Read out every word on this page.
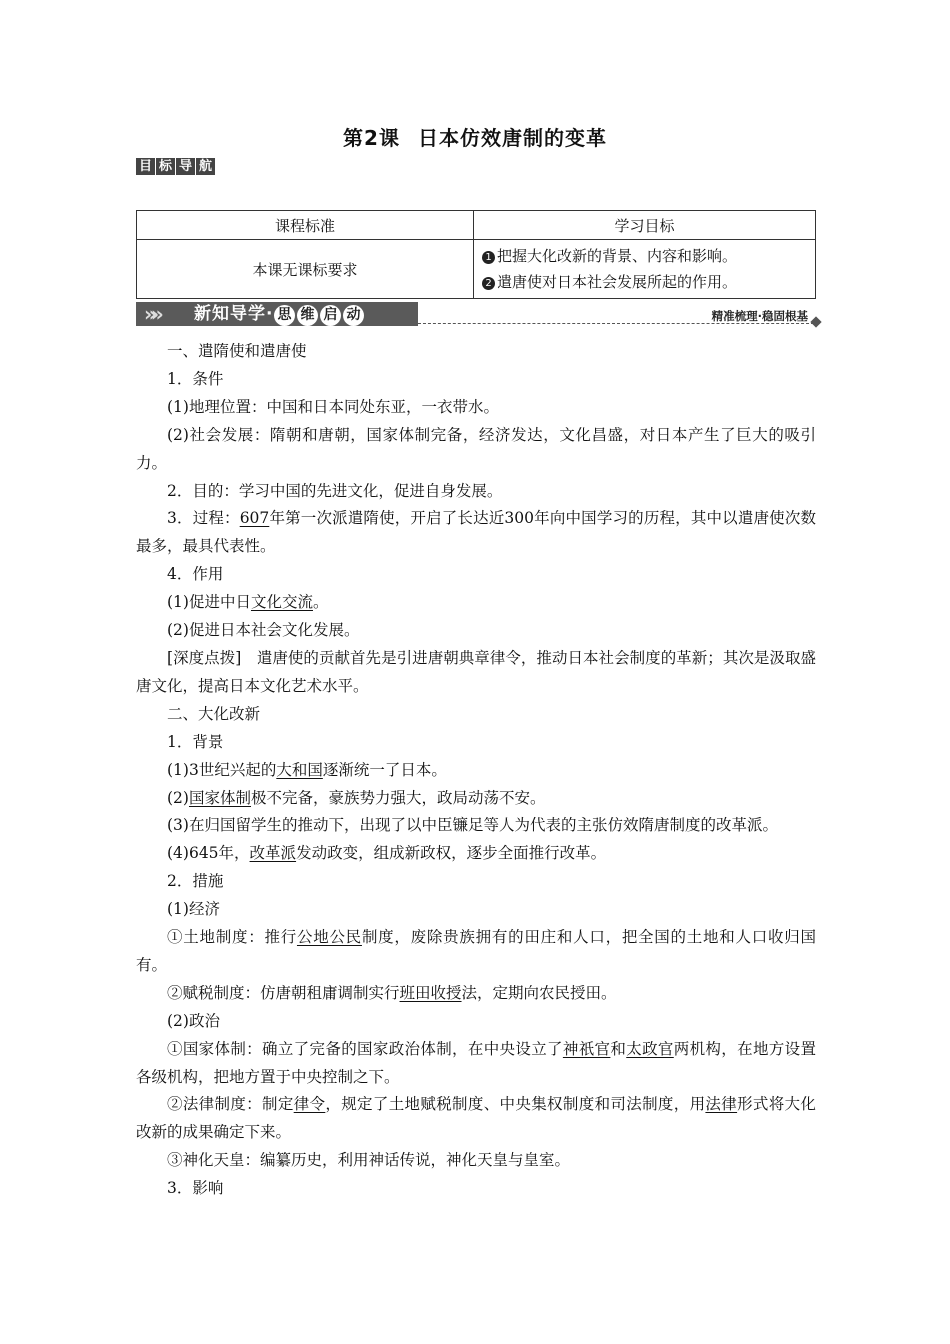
第2课 日本仿效唐制的变革
目 标 导 航
课程标准	学习目标
本课无课标要求	1 把握大化改新的背景、内容和影响。
2 遣唐使对日本社会发展所起的作用。
»» 新知导学· 思 维 启 动	精准梳理·稳固根基

一、遣隋使和遣唐使

1．条件

(1)地理位置：中国和日本同处东亚，一衣带水。

(2)社会发展：隋朝和唐朝，国家体制完备，经济发达，文化昌盛，对日本产生了巨大的吸引力。

2．目的：学习中国的先进文化，促进自身发展。

3．过程：607年第一次派遣隋使，开启了长达近300年向中国学习的历程，其中以遣唐使次数最多，最具代表性。

4．作用

(1)促进中日文化交流。

(2)促进日本社会文化发展。

[深度点拨]　遣唐使的贡献首先是引进唐朝典章律令，推动日本社会制度的革新；其次是汲取盛唐文化，提高日本文化艺术水平。

二、大化改新

1．背景

(1)3世纪兴起的大和国逐渐统一了日本。

(2)国家体制极不完备，豪族势力强大，政局动荡不安。

(3)在归国留学生的推动下，出现了以中臣镰足等人为代表的主张仿效隋唐制度的改革派。

(4)645年，改革派发动政变，组成新政权，逐步全面推行改革。

2．措施

(1)经济

①土地制度：推行公地公民制度，废除贵族拥有的田庄和人口，把全国的土地和人口收归国有。

②赋税制度：仿唐朝租庸调制实行班田收授法，定期向农民授田。

(2)政治

①国家体制：确立了完备的国家政治体制，在中央设立了神祇官和太政官两机构，在地方设置各级机构，把地方置于中央控制之下。

②法律制度：制定律令，规定了土地赋税制度、中央集权制度和司法制度，用法律形式将大化改新的成果确定下来。

③神化天皇：编纂历史，利用神话传说，神化天皇与皇室。

3．影响
